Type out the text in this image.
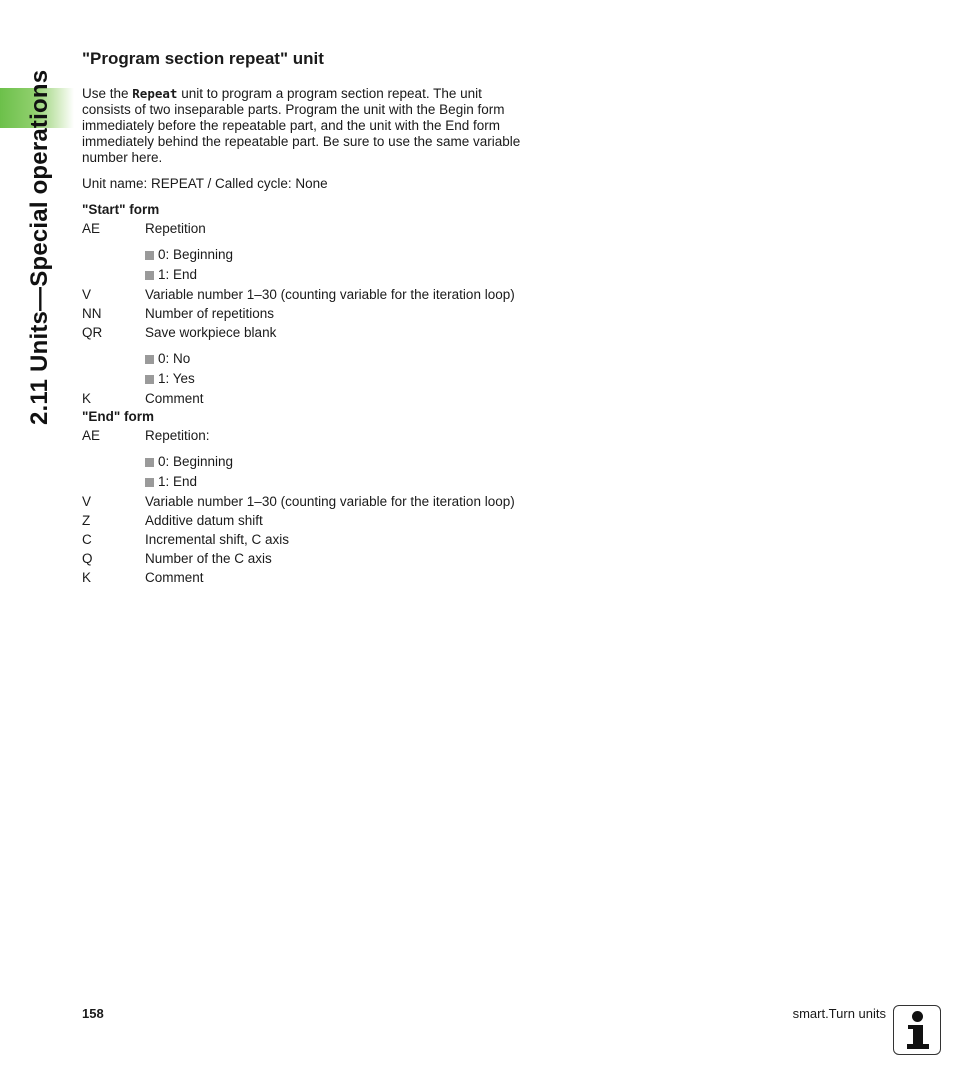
2.11 Units—Special operations
"Program section repeat" unit

Use the Repeat unit to program a program section repeat. The unit consists of two inseparable parts. Program the unit with the Begin form immediately before the repeatable part, and the unit with the End form immediately behind the repeatable part. Be sure to use the same variable number here.

Unit name: REPEAT / Called cycle: None

"Start" form
AE	Repetition
0: Beginning
1: End
V	Variable number 1–30 (counting variable for the iteration loop)
NN	Number of repetitions
QR	Save workpiece blank
0: No
1: Yes
K	Comment
"End" form
AE	Repetition:
0: Beginning
1: End
V	Variable number 1–30 (counting variable for the iteration loop)
Z	Additive datum shift
C	Incremental shift, C axis
Q	Number of the C axis
K	Comment
158	smart.Turn units
